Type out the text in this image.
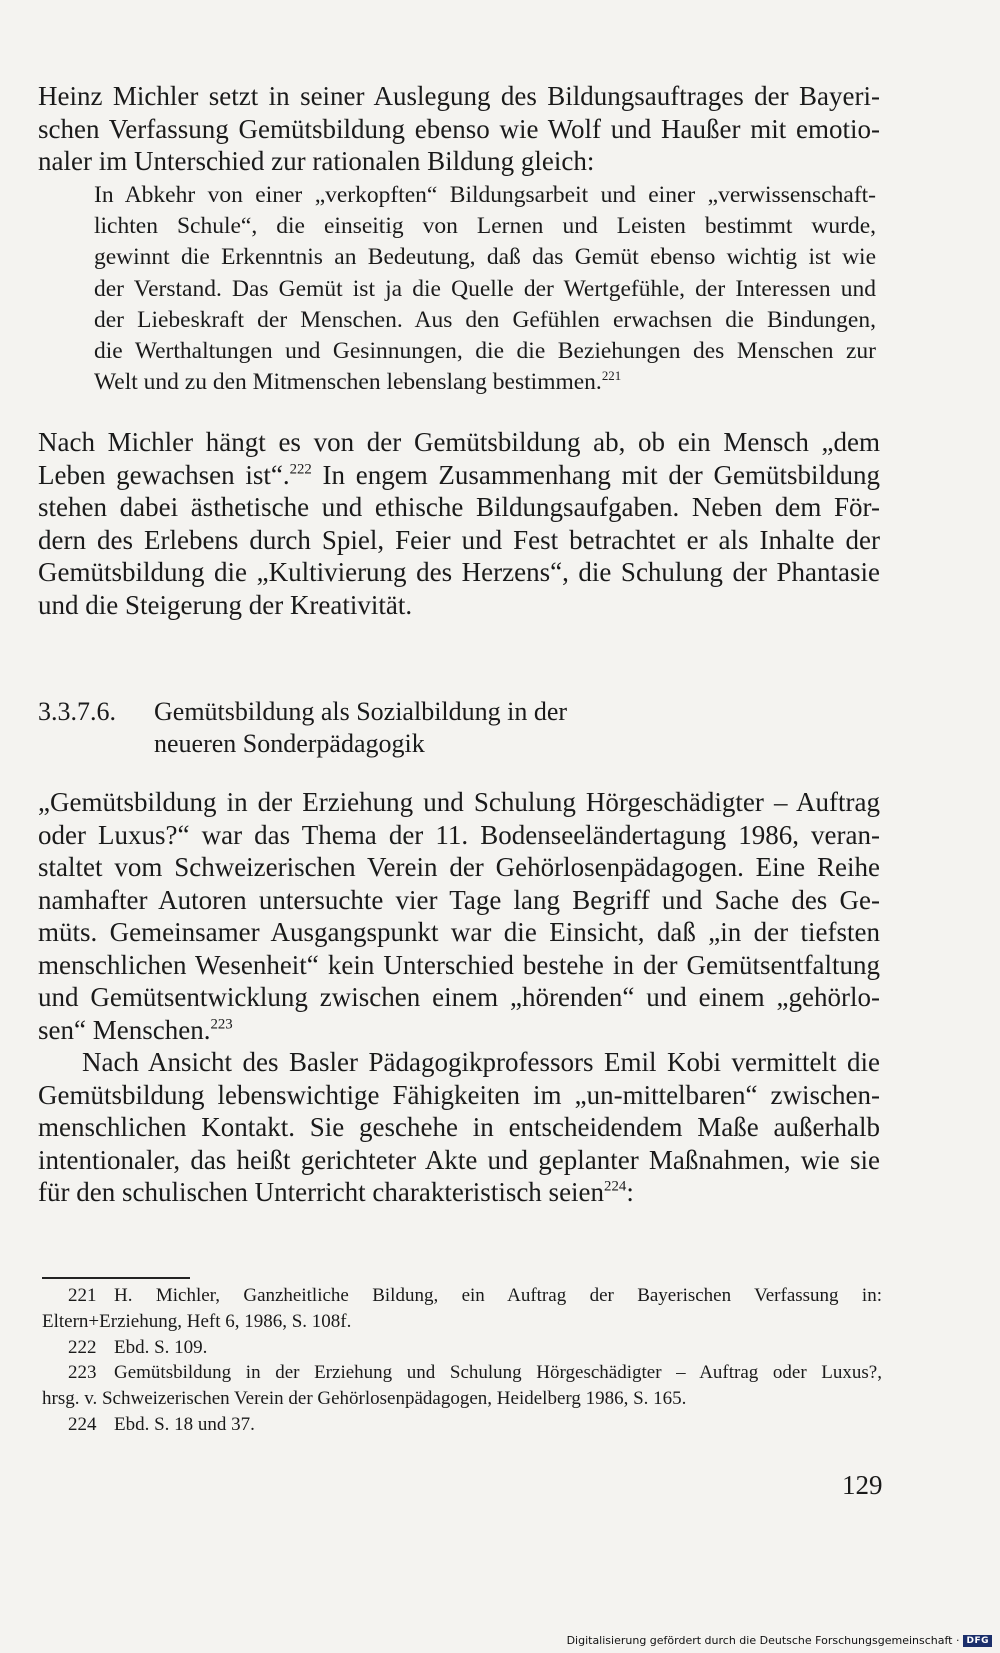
Heinz Michler setzt in seiner Auslegung des Bildungsauftrages der Bayeri-
schen Verfassung Gemütsbildung ebenso wie Wolf und Haußer mit emotio-
naler im Unterschied zur rationalen Bildung gleich:
In Abkehr von einer „verkopften“ Bildungsarbeit und einer „verwissenschaft-
lichten Schule“, die einseitig von Lernen und Leisten bestimmt wurde,
gewinnt die Erkenntnis an Bedeutung, daß das Gemüt ebenso wichtig ist wie
der Verstand. Das Gemüt ist ja die Quelle der Wertgefühle, der Interessen und
der Liebeskraft der Menschen. Aus den Gefühlen erwachsen die Bindungen,
die Werthaltungen und Gesinnungen, die die Beziehungen des Menschen zur
Welt und zu den Mitmenschen lebenslang bestimmen.$^{221}$
Nach Michler hängt es von der Gemütsbildung ab, ob ein Mensch „dem
Leben gewachsen ist“.$^{222}$ In engem Zusammenhang mit der Gemütsbildung
stehen dabei ästhetische und ethische Bildungsaufgaben. Neben dem För-
dern des Erlebens durch Spiel, Feier und Fest betrachtet er als Inhalte der
Gemütsbildung die „Kultivierung des Herzens“, die Schulung der Phantasie
und die Steigerung der Kreativität.
3.3.7.6. Gemütsbildung als Sozialbildung in der
neueren Sonderpädagogik
„Gemütsbildung in der Erziehung und Schulung Hörgeschädigter – Auftrag
oder Luxus?“ war das Thema der 11. Bodenseeländertagung 1986, veran-
staltet vom Schweizerischen Verein der Gehörlosenpädagogen. Eine Reihe
namhafter Autoren untersuchte vier Tage lang Begriff und Sache des Ge-
müts. Gemeinsamer Ausgangspunkt war die Einsicht, daß „in der tiefsten
menschlichen Wesenheit“ kein Unterschied bestehe in der Gemütsentfaltung
und Gemütsentwicklung zwischen einem „hörenden“ und einem „gehörlo-
sen“ Menschen.$^{223}$
Nach Ansicht des Basler Pädagogikprofessors Emil Kobi vermittelt die
Gemütsbildung lebenswichtige Fähigkeiten im „un-mittelbaren“ zwischen-
menschlichen Kontakt. Sie geschehe in entscheidendem Maße außerhalb
intentionaler, das heißt gerichteter Akte und geplanter Maßnahmen, wie sie
für den schulischen Unterricht charakteristisch seien$^{224}$:
221 H. Michler, Ganzheitliche Bildung, ein Auftrag der Bayerischen Verfassung in:
Eltern+Erziehung, Heft 6, 1986, S. 108f.
222 Ebd. S. 109.
223 Gemütsbildung in der Erziehung und Schulung Hörgeschädigter – Auftrag oder Luxus?,
hrsg. v. Schweizerischen Verein der Gehörlosenpädagogen, Heidelberg 1986, S. 165.
224 Ebd. S. 18 und 37.
129
Digitalisierung gefördert durch die Deutsche Forschungsgemeinschaft · DFG
